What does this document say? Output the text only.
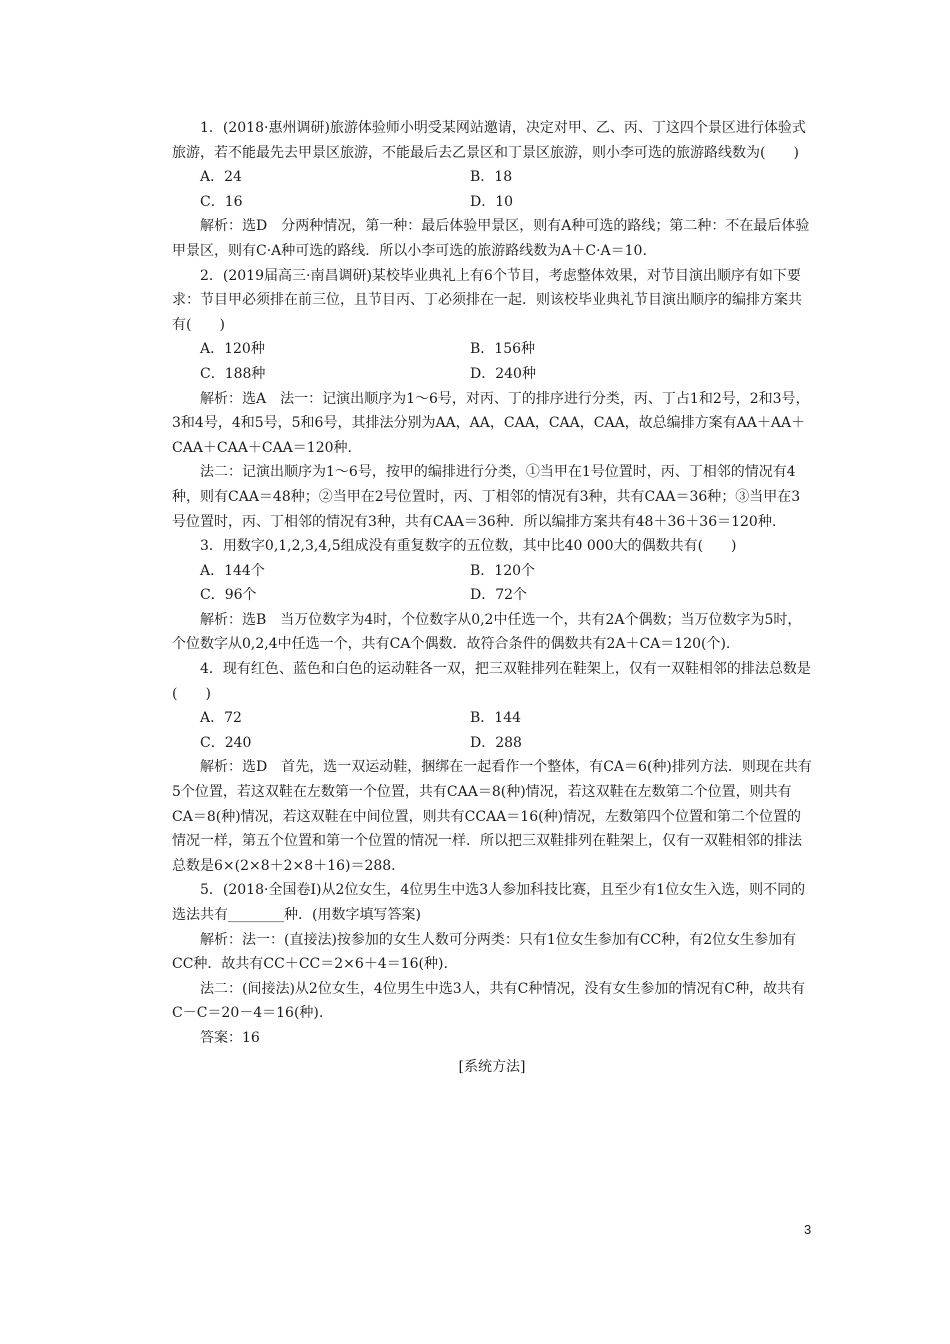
1．(2018·惠州调研)旅游体验师小明受某网站邀请，决定对甲、乙、丙、丁这四个景区进行体验式旅游，若不能最先去甲景区旅游，不能最后去乙景区和丁景区旅游，则小李可选的旅游路线数为(　　)

A．24	B．18

C．16	D．10

解析：选D　分两种情况，第一种：最后体验甲景区，则有A种可选的路线；第二种：不在最后体验甲景区，则有C·A种可选的路线．所以小李可选的旅游路线数为A＋C·A＝10.

2．(2019届高三·南昌调研)某校毕业典礼上有6个节目，考虑整体效果，对节目演出顺序有如下要求：节目甲必须排在前三位，且节目丙、丁必须排在一起．则该校毕业典礼节目演出顺序的编排方案共有(　　)

A．120种	B．156种

C．188种	D．240种

解析：选A　法一：记演出顺序为1～6号，对丙、丁的排序进行分类，丙、丁占1和2号，2和3号，3和4号，4和5号，5和6号，其排法分别为AA，AA，CAA，CAA，CAA，故总编排方案有AA＋AA＋CAA＋CAA＋CAA＝120种.

法二：记演出顺序为1～6号，按甲的编排进行分类，①当甲在1号位置时，丙、丁相邻的情况有4种，则有CAA＝48种；②当甲在2号位置时，丙、丁相邻的情况有3种，共有CAA＝36种；③当甲在3号位置时，丙、丁相邻的情况有3种，共有CAA＝36种．所以编排方案共有48＋36＋36＝120种.

3．用数字0,1,2,3,4,5组成没有重复数字的五位数，其中比40 000大的偶数共有(　　)

A．144个	B．120个

C．96个	D．72个

解析：选B　当万位数字为4时，个位数字从0,2中任选一个，共有2A个偶数；当万位数字为5时，个位数字从0,2,4中任选一个，共有CA个偶数．故符合条件的偶数共有2A＋CA＝120(个).

4．现有红色、蓝色和白色的运动鞋各一双，把三双鞋排列在鞋架上，仅有一双鞋相邻的排法总数是(　　)

A．72	B．144

C．240	D．288

解析：选D　首先，选一双运动鞋，捆绑在一起看作一个整体，有CA＝6(种)排列方法．则现在共有5个位置，若这双鞋在左数第一个位置，共有CAA＝8(种)情况，若这双鞋在左数第二个位置，则共有CA＝8(种)情况，若这双鞋在中间位置，则共有CCAA＝16(种)情况，左数第四个位置和第二个位置的情况一样，第五个位置和第一个位置的情况一样．所以把三双鞋排列在鞋架上，仅有一双鞋相邻的排法总数是6×(2×8＋2×8＋16)＝288.

5．(2018·全国卷Ⅰ)从2位女生，4位男生中选3人参加科技比赛，且至少有1位女生入选，则不同的选法共有________种．(用数字填写答案)

解析：法一：(直接法)按参加的女生人数可分两类：只有1位女生参加有CC种，有2位女生参加有CC种．故共有CC＋CC＝2×6＋4＝16(种).

法二：(间接法)从2位女生，4位男生中选3人，共有C种情况，没有女生参加的情况有C种，故共有C－C＝20－4＝16(种).

答案：16

[系统方法]

3
